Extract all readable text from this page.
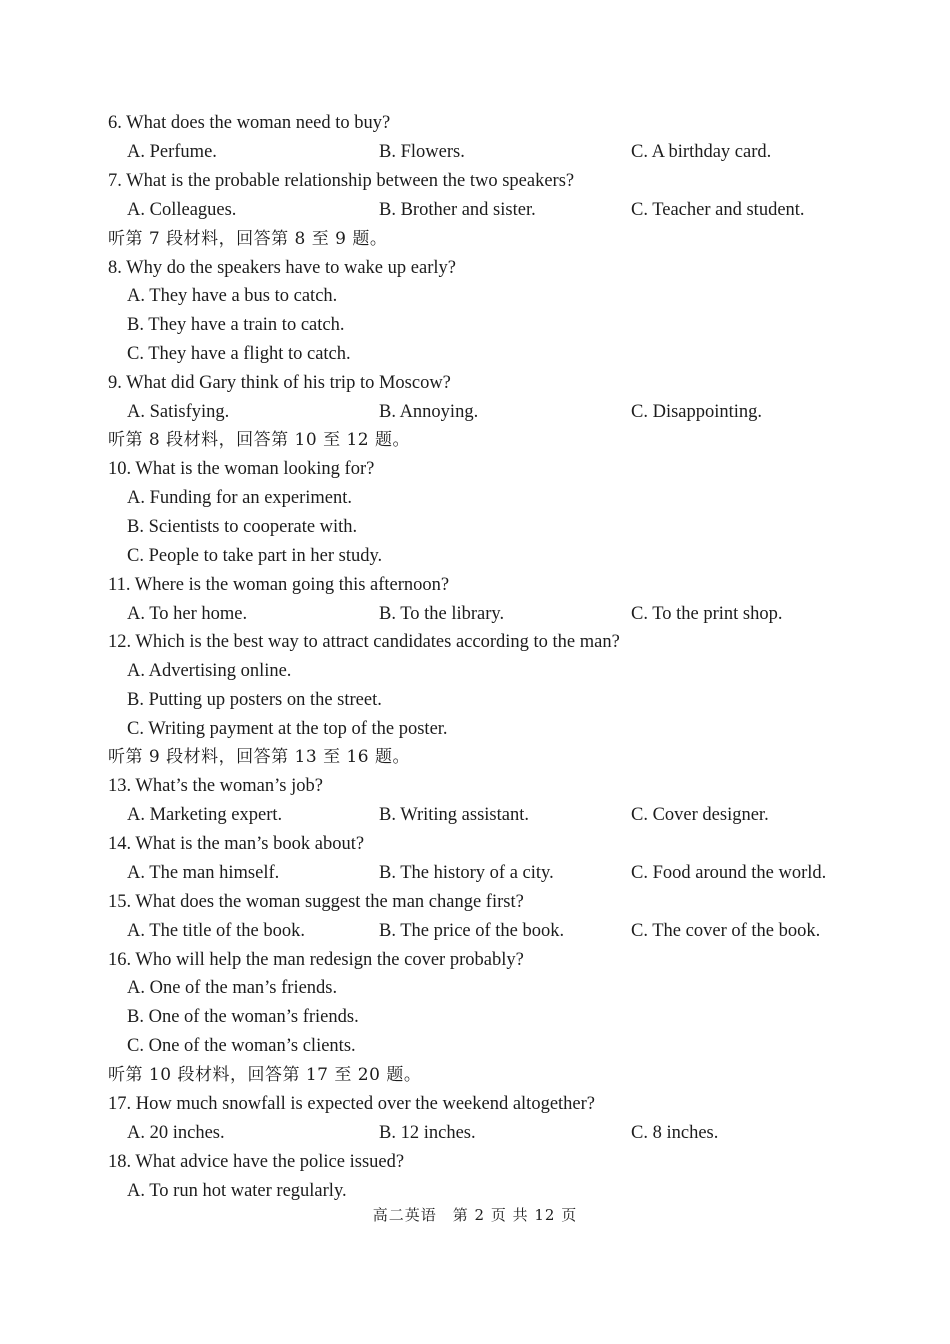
6. What does the woman need to buy?
A. Perfume.	B. Flowers.	C. A birthday card.
7. What is the probable relationship between the two speakers?
A. Colleagues.	B. Brother and sister.	C. Teacher and student.
听第 7 段材料，回答第 8 至 9 题。
8. Why do the speakers have to wake up early?
A. They have a bus to catch.
B. They have a train to catch.
C. They have a flight to catch.
9. What did Gary think of his trip to Moscow?
A. Satisfying.	B. Annoying.	C. Disappointing.
听第 8 段材料，回答第 10 至 12 题。
10. What is the woman looking for?
A. Funding for an experiment.
B. Scientists to cooperate with.
C. People to take part in her study.
11. Where is the woman going this afternoon?
A. To her home.	B. To the library.	C. To the print shop.
12. Which is the best way to attract candidates according to the man?
A. Advertising online.
B. Putting up posters on the street.
C. Writing payment at the top of the poster.
听第 9 段材料，回答第 13 至 16 题。
13. What’s the woman’s job?
A. Marketing expert.	B. Writing assistant.	C. Cover designer.
14. What is the man’s book about?
A. The man himself.	B. The history of a city.	C. Food around the world.
15. What does the woman suggest the man change first?
A. The title of the book.	B. The price of the book.	C. The cover of the book.
16. Who will help the man redesign the cover probably?
A. One of the man’s friends.
B. One of the woman’s friends.
C. One of the woman’s clients.
听第 10 段材料，回答第 17 至 20 题。
17. How much snowfall is expected over the weekend altogether?
A. 20 inches.	B. 12 inches.	C. 8 inches.
18. What advice have the police issued?
A. To run hot water regularly.
高二英语　第 2 页 共 12 页
